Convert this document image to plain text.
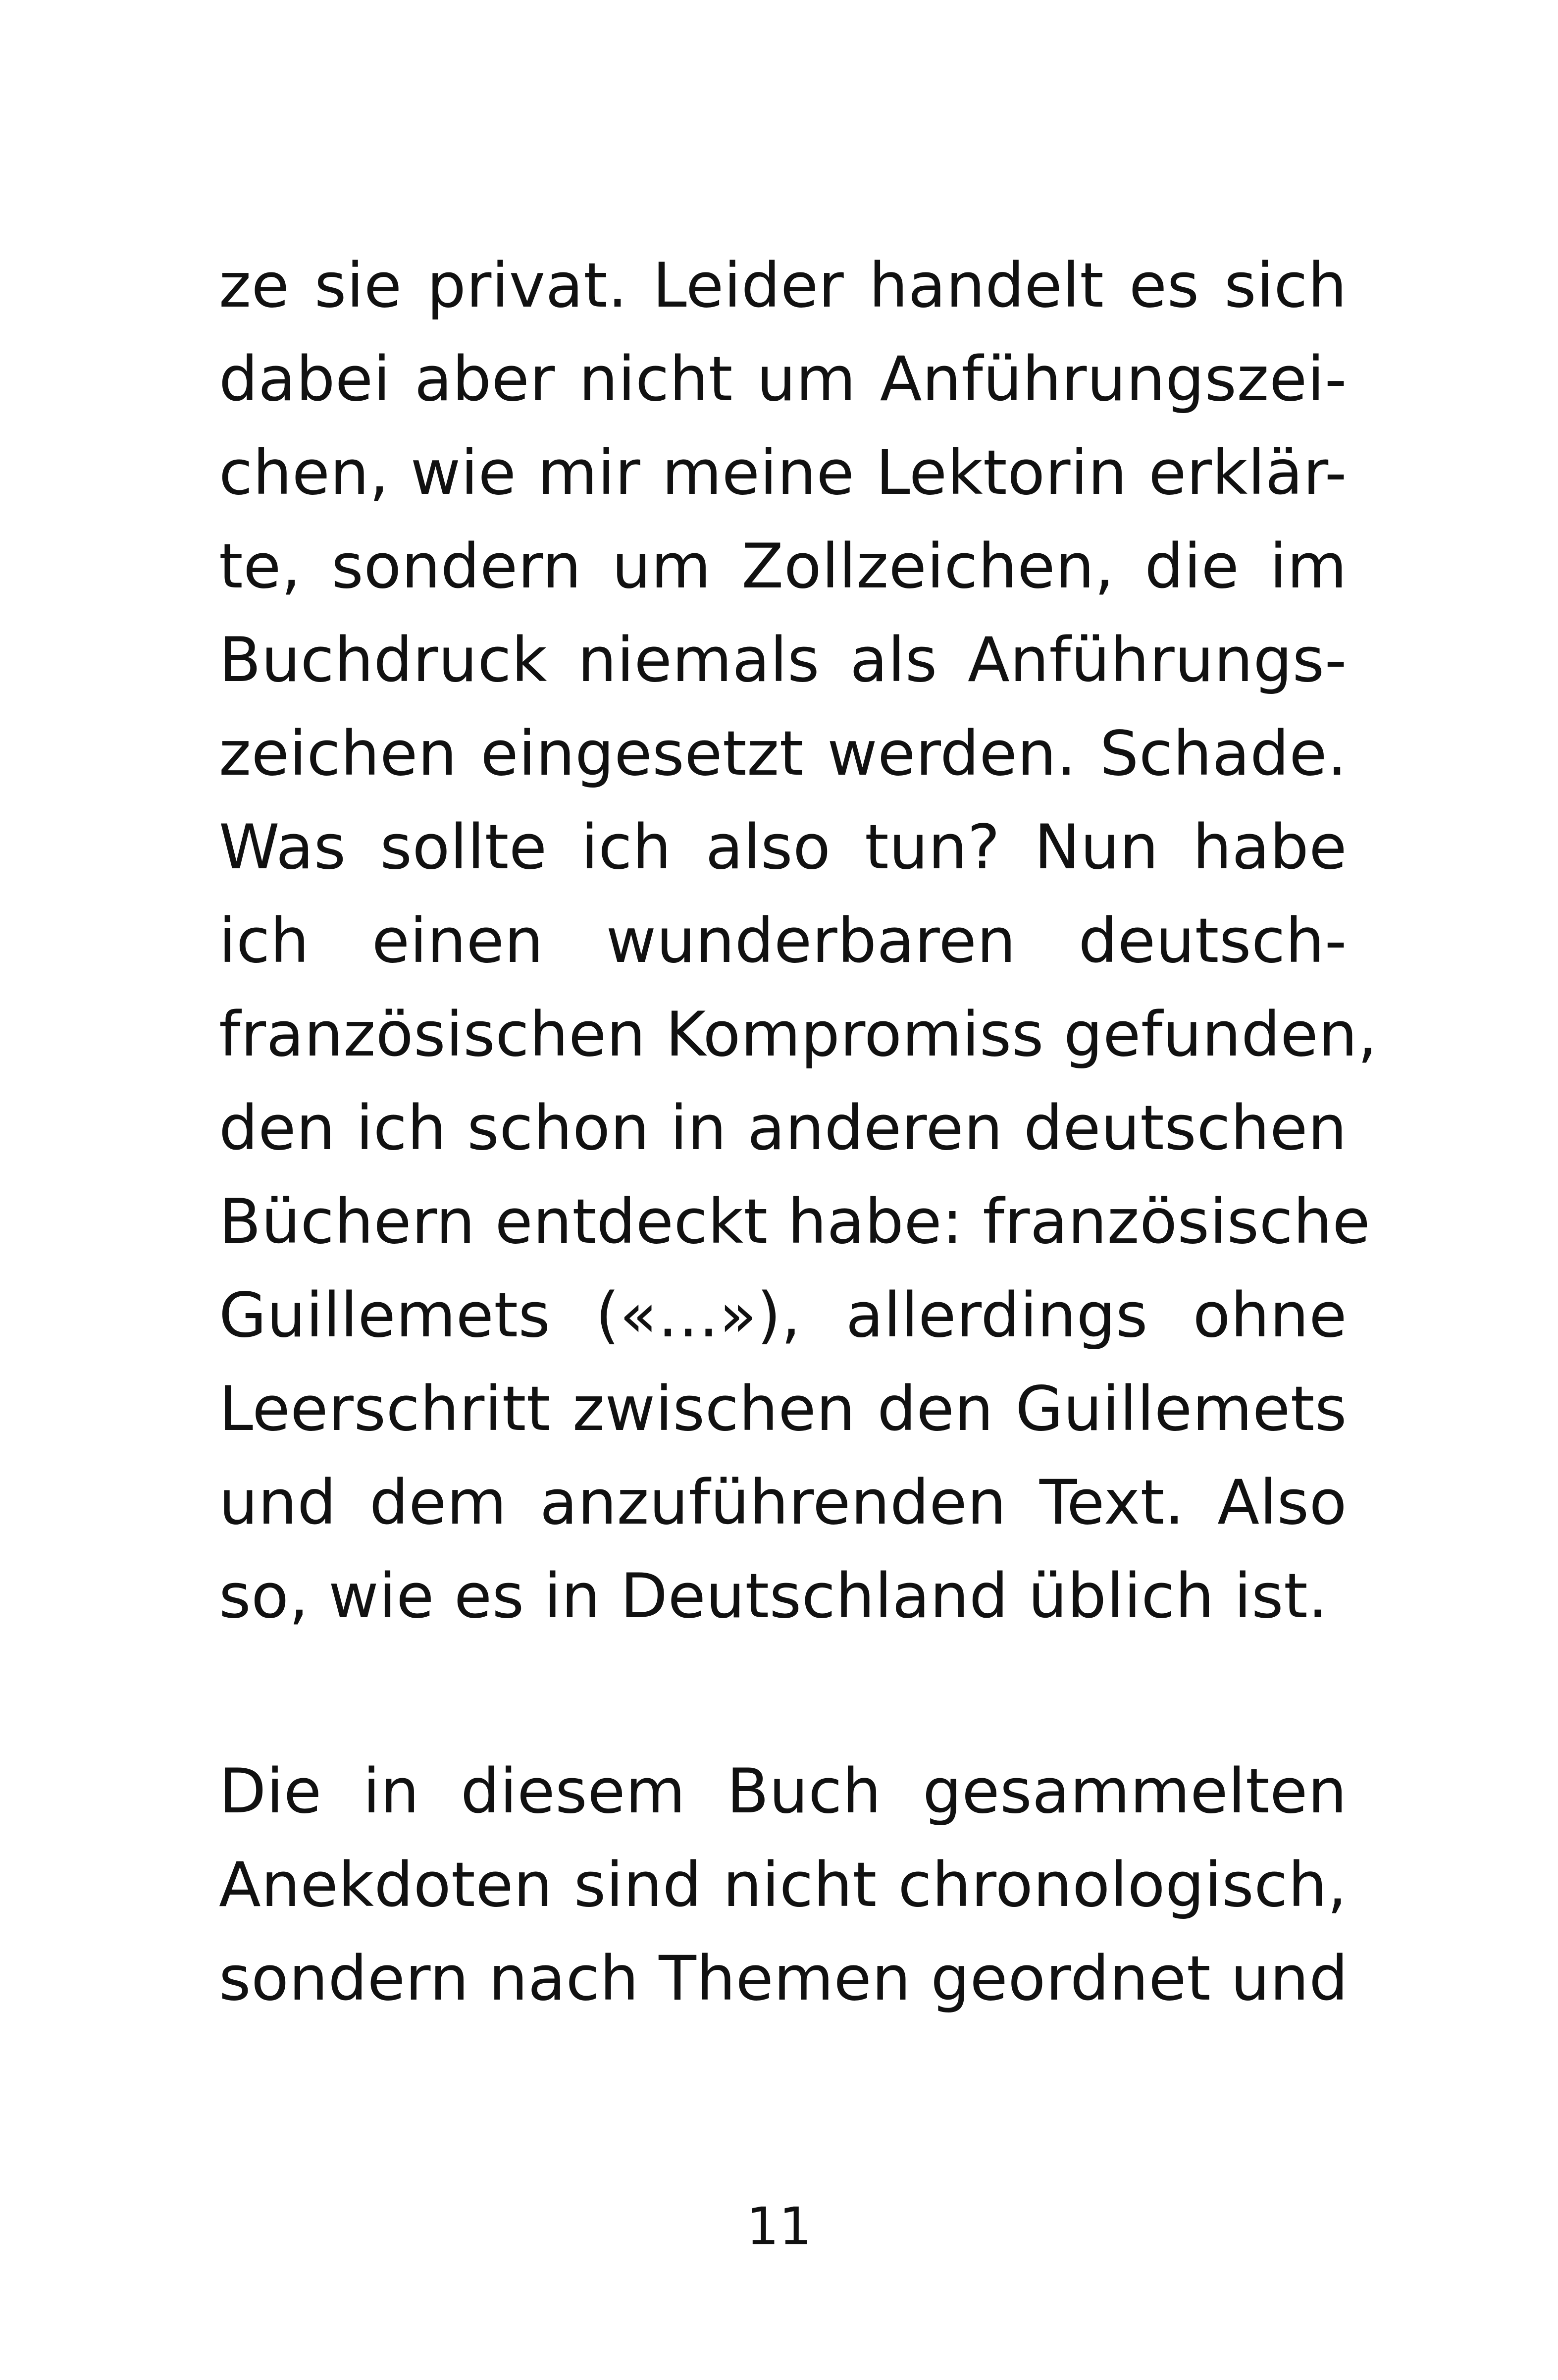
ze sie privat. Leider handelt es sich
dabei aber nicht um Anführungszei-
chen, wie mir meine Lektorin erklär-
te, sondern um Zollzeichen, die im
Buchdruck niemals als Anführungs-
zeichen eingesetzt werden. Schade.
Was sollte ich also tun? Nun habe
ich einen wunderbaren deutsch-
französischen Kompromiss gefunden,
den ich schon in anderen deutschen
Büchern entdeckt habe: französische
Guillemets («…»), allerdings ohne
Leerschritt zwischen den Guillemets
und dem anzuführenden Text. Also
so, wie es in Deutschland üblich ist.
Die in diesem Buch gesammelten
Anekdoten sind nicht chronologisch,
sondern nach Themen geordnet und
11
